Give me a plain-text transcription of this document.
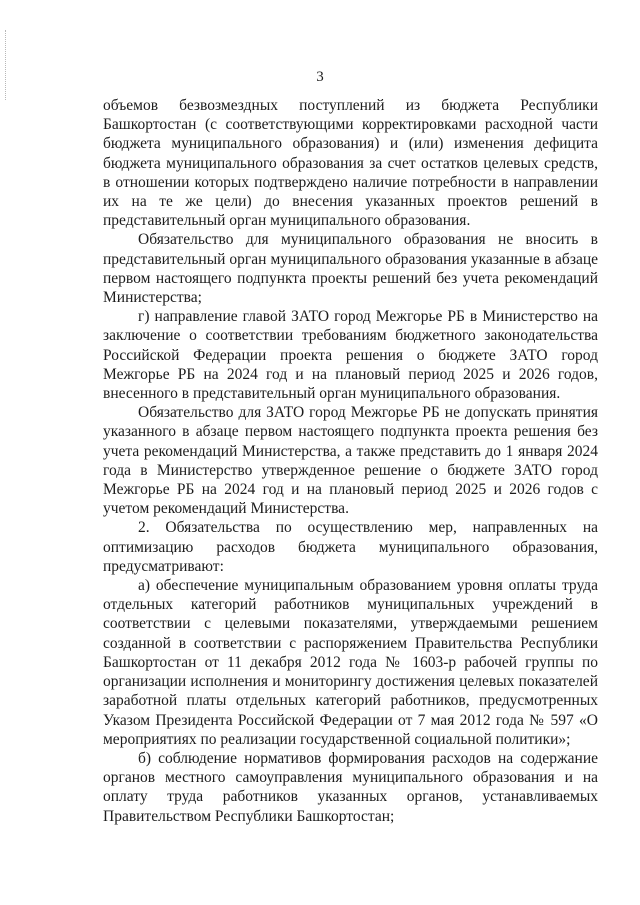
3

объемов безвозмездных поступлений из бюджета Республики Башкортостан (с соответствующими корректировками расходной части бюджета муниципального образования) и (или) изменения дефицита бюджета муниципального образования за счет остатков целевых средств, в отношении которых подтверждено наличие потребности в направлении их на те же цели) до внесения указанных проектов решений в представительный орган муниципального образования.

Обязательство для муниципального образования не вносить в представительный орган муниципального образования указанные в абзаце первом настоящего подпункта проекты решений без учета рекомендаций Министерства;

г) направление главой ЗАТО город Межгорье РБ в Министерство на заключение о соответствии требованиям бюджетного законодательства Российской Федерации проекта решения о бюджете ЗАТО город Межгорье РБ на 2024 год и на плановый период 2025 и 2026 годов, внесенного в представительный орган муниципального образования.

Обязательство для ЗАТО город Межгорье РБ не допускать принятия указанного в абзаце первом настоящего подпункта проекта решения без учета рекомендаций Министерства, а также представить до 1 января 2024 года в Министерство утвержденное решение о бюджете ЗАТО город Межгорье РБ на 2024 год и на плановый период 2025 и 2026 годов с учетом рекомендаций Министерства.

2. Обязательства по осуществлению мер, направленных на оптимизацию расходов бюджета муниципального образования, предусматривают:

а) обеспечение муниципальным образованием уровня оплаты труда отдельных категорий работников муниципальных учреждений в соответствии с целевыми показателями, утверждаемыми решением созданной в соответствии с распоряжением Правительства Республики Башкортостан от 11 декабря 2012 года № 1603-р рабочей группы по организации исполнения и мониторингу достижения целевых показателей заработной платы отдельных категорий работников, предусмотренных Указом Президента Российской Федерации от 7 мая 2012 года № 597 «О мероприятиях по реализации государственной социальной политики»;

б) соблюдение нормативов формирования расходов на содержание органов местного самоуправления муниципального образования и на оплату труда работников указанных органов, устанавливаемых Правительством Республики Башкортостан;
